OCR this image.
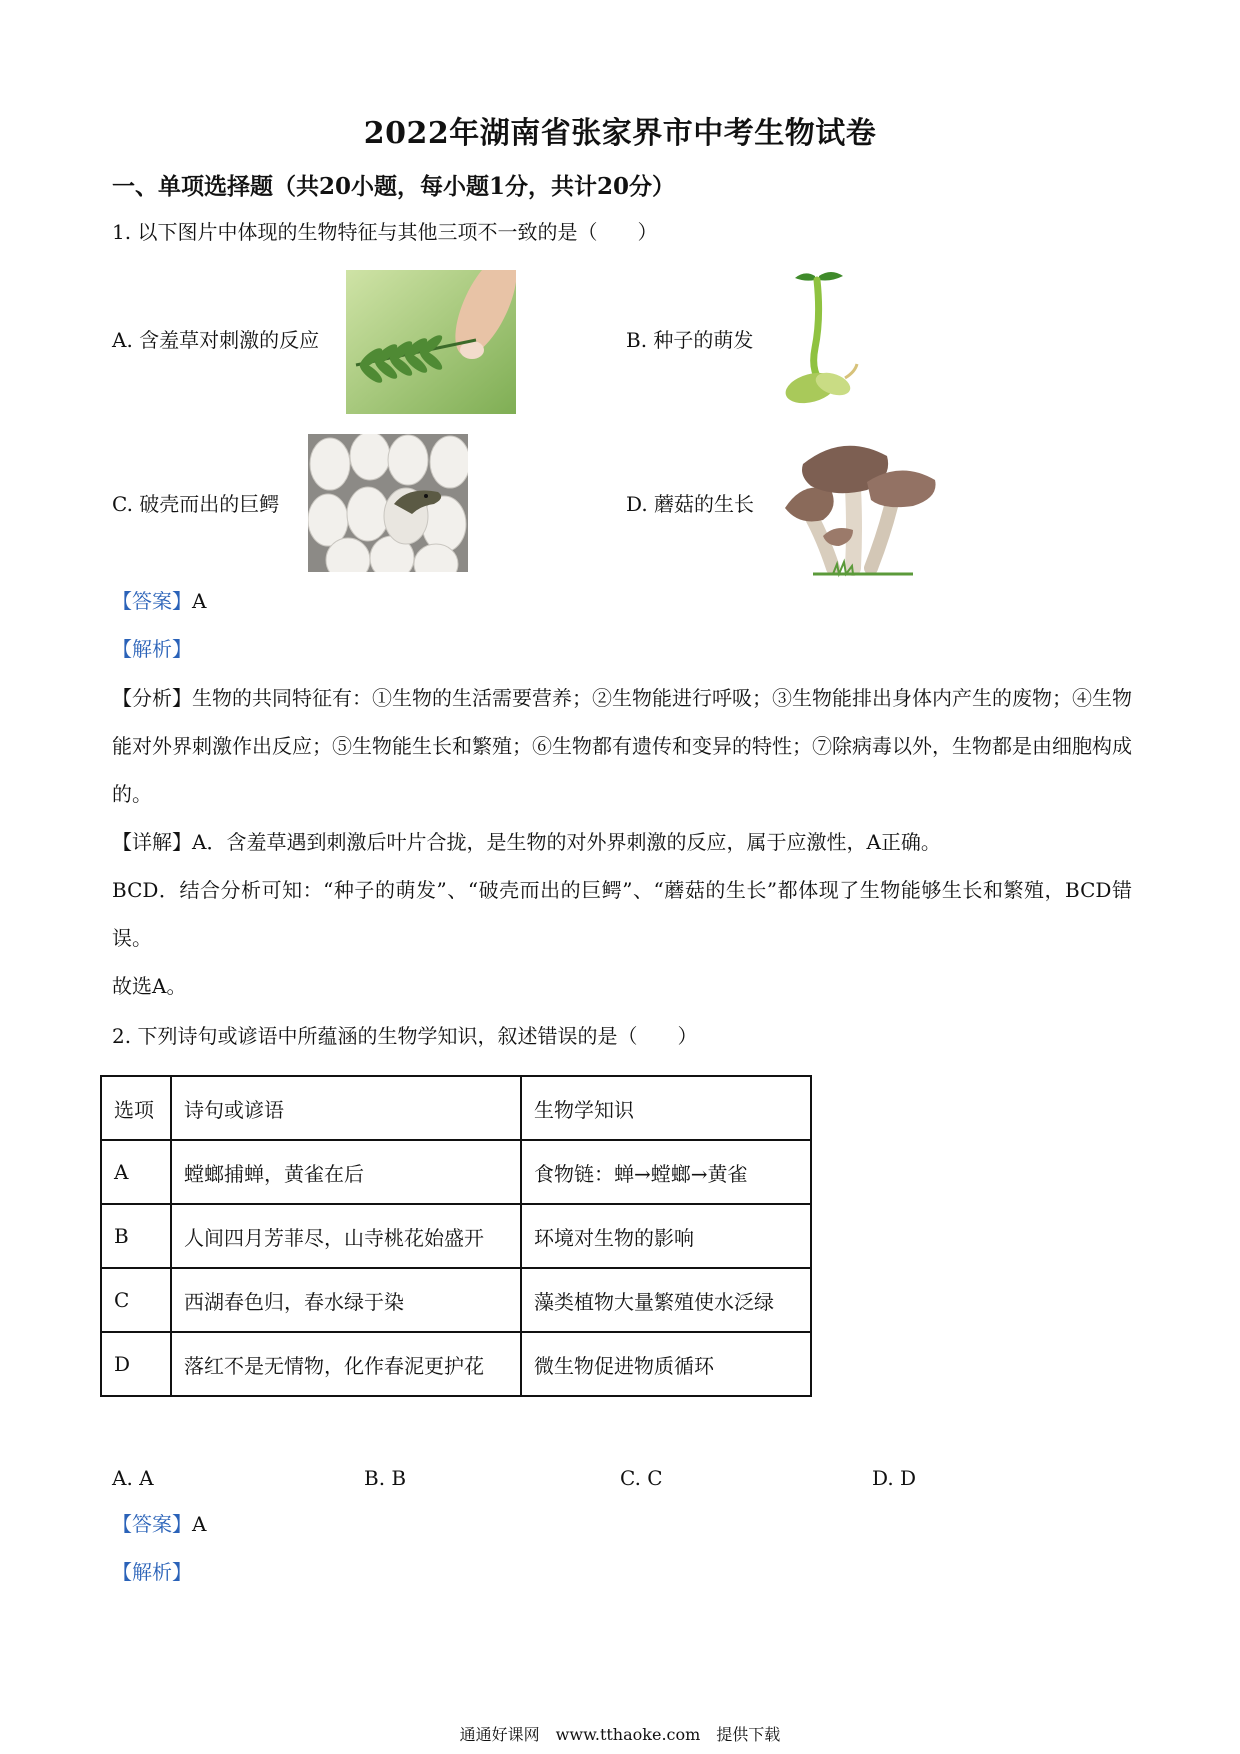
2022年湖南省张家界市中考生物试卷
一、单项选择题（共20小题，每小题1分，共计20分）
1. 以下图片中体现的生物特征与其他三项不一致的是（　　）
A. 含羞草对刺激的反应	B. 种子的萌发
C. 破壳而出的巨鳄	D. 蘑菇的生长
【答案】A
【解析】
【分析】生物的共同特征有：①生物的生活需要营养；②生物能进行呼吸；③生物能排出身体内产生的废物；④生物能对外界刺激作出反应；⑤生物能生长和繁殖；⑥生物都有遗传和变异的特性；⑦除病毒以外，生物都是由细胞构成的。
【详解】A．含羞草遇到刺激后叶片合拢，是生物的对外界刺激的反应，属于应激性，A正确。
BCD．结合分析可知：“种子的萌发”、“破壳而出的巨鳄”、“蘑菇的生长”都体现了生物能够生长和繁殖，BCD错误。
故选A。
2. 下列诗句或谚语中所蕴涵的生物学知识，叙述错误的是（　　）
选项	诗句或谚语	生物学知识
A	螳螂捕蝉，黄雀在后	食物链：蝉→螳螂→黄雀
B	人间四月芳菲尽，山寺桃花始盛开	环境对生物的影响
C	西湖春色归，春水绿于染	藻类植物大量繁殖使水泛绿
D	落红不是无情物，化作春泥更护花	微生物促进物质循环
A. A	B. B	C. C	D. D
【答案】A
【解析】
通通好课网　www.tthaoke.com　提供下载
